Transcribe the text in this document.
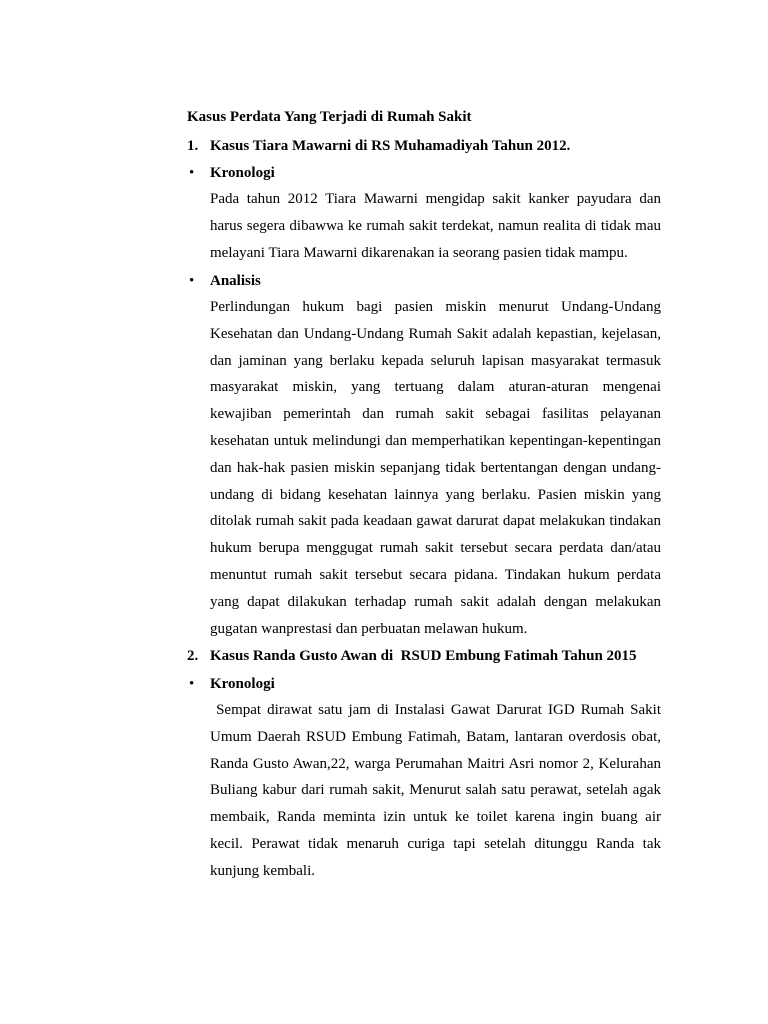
Kasus Perdata Yang Terjadi di Rumah Sakit
1. Kasus Tiara Mawarni di RS Muhamadiyah Tahun 2012.
• Kronologi
Pada tahun 2012 Tiara Mawarni mengidap sakit kanker payudara dan
harus segera dibawwa ke rumah sakit terdekat, namun realita di tidak mau
melayani Tiara Mawarni dikarenakan ia seorang pasien tidak mampu.
• Analisis
Perlindungan hukum bagi pasien miskin menurut Undang-Undang
Kesehatan dan Undang-Undang Rumah Sakit adalah kepastian, kejelasan,
dan jaminan yang berlaku kepada seluruh lapisan masyarakat termasuk
masyarakat miskin, yang tertuang dalam aturan-aturan mengenai
kewajiban pemerintah dan rumah sakit sebagai fasilitas pelayanan
kesehatan untuk melindungi dan memperhatikan kepentingan-kepentingan
dan hak-hak pasien miskin sepanjang tidak bertentangan dengan undang-
undang di bidang kesehatan lainnya yang berlaku. Pasien miskin yang
ditolak rumah sakit pada keadaan gawat darurat dapat melakukan tindakan
hukum berupa menggugat rumah sakit tersebut secara perdata dan/atau
menuntut rumah sakit tersebut secara pidana. Tindakan hukum perdata
yang dapat dilakukan terhadap rumah sakit adalah dengan melakukan
gugatan wanprestasi dan perbuatan melawan hukum.
2. Kasus Randa Gusto Awan di  RSUD Embung Fatimah Tahun 2015
• Kronologi
Sempat dirawat satu jam di Instalasi Gawat Darurat IGD Rumah Sakit
Umum Daerah RSUD Embung Fatimah, Batam, lantaran overdosis obat,
Randa Gusto Awan,22, warga Perumahan Maitri Asri nomor 2, Kelurahan
Buliang kabur dari rumah sakit, Menurut salah satu perawat, setelah agak
membaik, Randa meminta izin untuk ke toilet karena ingin buang air
kecil. Perawat tidak menaruh curiga tapi setelah ditunggu Randa tak
kunjung kembali.
